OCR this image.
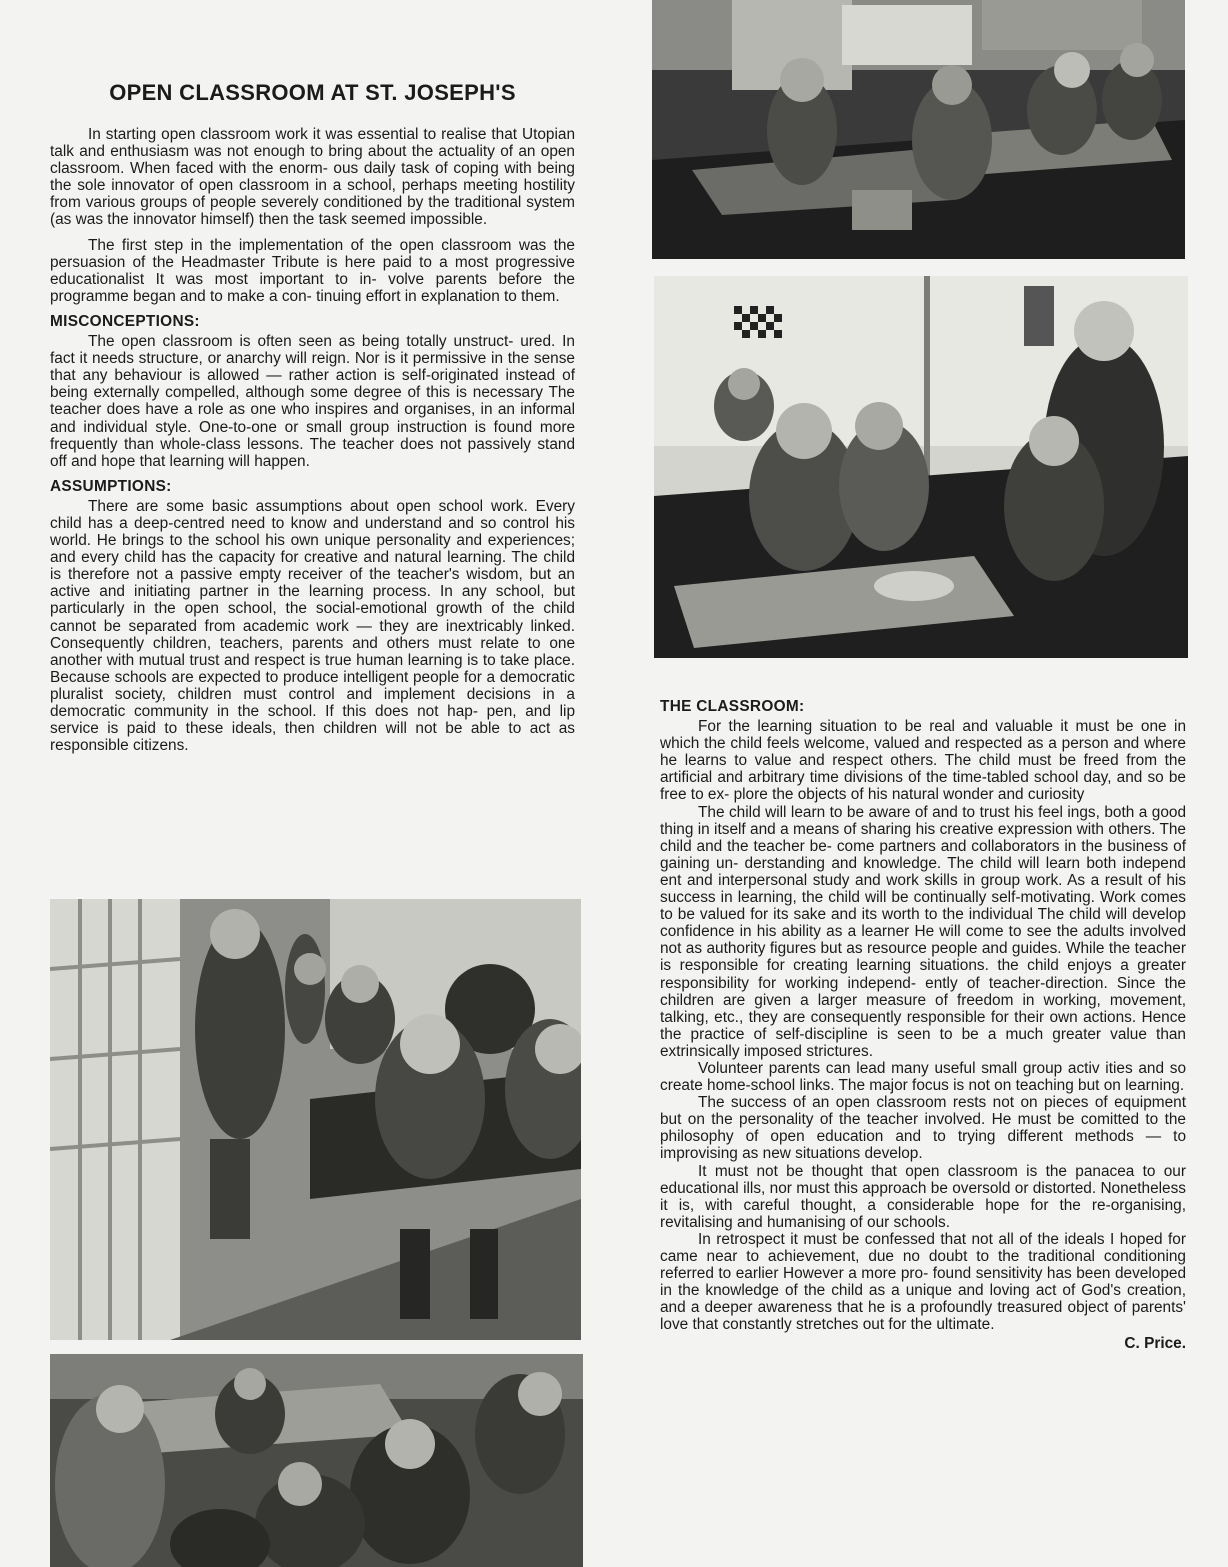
OPEN CLASSROOM AT ST. JOSEPH'S

In starting open classroom work it was essential to realise that Utopian talk and enthusiasm was not enough to bring about the actuality of an open classroom. When faced with the enorm- ous daily task of coping with being the sole innovator of open classroom in a school, perhaps meeting hostility from various groups of people severely conditioned by the traditional system (as was the innovator himself) then the task seemed impossible.

The first step in the implementation of the open classroom was the persuasion of the Headmaster Tribute is here paid to a most progressive educationalist It was most important to in- volve parents before the programme began and to make a con- tinuing effort in explanation to them.

MISCONCEPTIONS:

The open classroom is often seen as being totally unstruct- ured. In fact it needs structure, or anarchy will reign. Nor is it permissive in the sense that any behaviour is allowed — rather action is self-originated instead of being externally compelled, although some degree of this is necessary The teacher does have a role as one who inspires and organises, in an informal and individual style. One-to-one or small group instruction is found more frequently than whole-class lessons. The teacher does not passively stand off and hope that learning will happen.

ASSUMPTIONS:

There are some basic assumptions about open school work. Every child has a deep-centred need to know and understand and so control his world. He brings to the school his own unique personality and experiences; and every child has the capacity for creative and natural learning. The child is therefore not a passive empty receiver of the teacher's wisdom, but an active and initiating partner in the learning process. In any school, but particularly in the open school, the social-emotional growth of the child cannot be separated from academic work — they are inextricably linked. Consequently children, teachers, parents and others must relate to one another with mutual trust and respect is true human learning is to take place. Because schools are expected to produce intelligent people for a democratic pluralist society, children must control and implement decisions in a democratic community in the school. If this does not hap- pen, and lip service is paid to these ideals, then children will not be able to act as responsible citizens.

THE CLASSROOM:

For the learning situation to be real and valuable it must be one in which the child feels welcome, valued and respected as a person and where he learns to value and respect others. The child must be freed from the artificial and arbitrary time divisions of the time-tabled school day, and so be free to ex- plore the objects of his natural wonder and curiosity

The child will learn to be aware of and to trust his feel ings, both a good thing in itself and a means of sharing his creative expression with others. The child and the teacher be- come partners and collaborators in the business of gaining un- derstanding and knowledge. The child will learn both independ ent and interpersonal study and work skills in group work. As a result of his success in learning, the child will be continually self-motivating. Work comes to be valued for its sake and its worth to the individual The child will develop confidence in his ability as a learner He will come to see the adults involved not as authority figures but as resource people and guides. While the teacher is responsible for creating learning situations. the child enjoys a greater responsibility for working independ- ently of teacher-direction. Since the children are given a larger measure of freedom in working, movement, talking, etc., they are consequently responsible for their own actions. Hence the practice of self-discipline is seen to be a much greater value than extrinsically imposed strictures.

Volunteer parents can lead many useful small group activ ities and so create home-school links. The major focus is not on teaching but on learning.

The success of an open classroom rests not on pieces of equipment but on the personality of the teacher involved. He must be comitted to the philosophy of open education and to trying different methods — to improvising as new situations develop.

It must not be thought that open classroom is the panacea to our educational ills, nor must this approach be oversold or distorted. Nonetheless it is, with careful thought, a considerable hope for the re-organising, revitalising and humanising of our schools.

In retrospect it must be confessed that not all of the ideals I hoped for came near to achievement, due no doubt to the traditional conditioning referred to earlier However a more pro- found sensitivity has been developed in the knowledge of the child as a unique and loving act of God's creation, and a deeper awareness that he is a profoundly treasured object of parents' love that constantly stretches out for the ultimate.

C. Price.
